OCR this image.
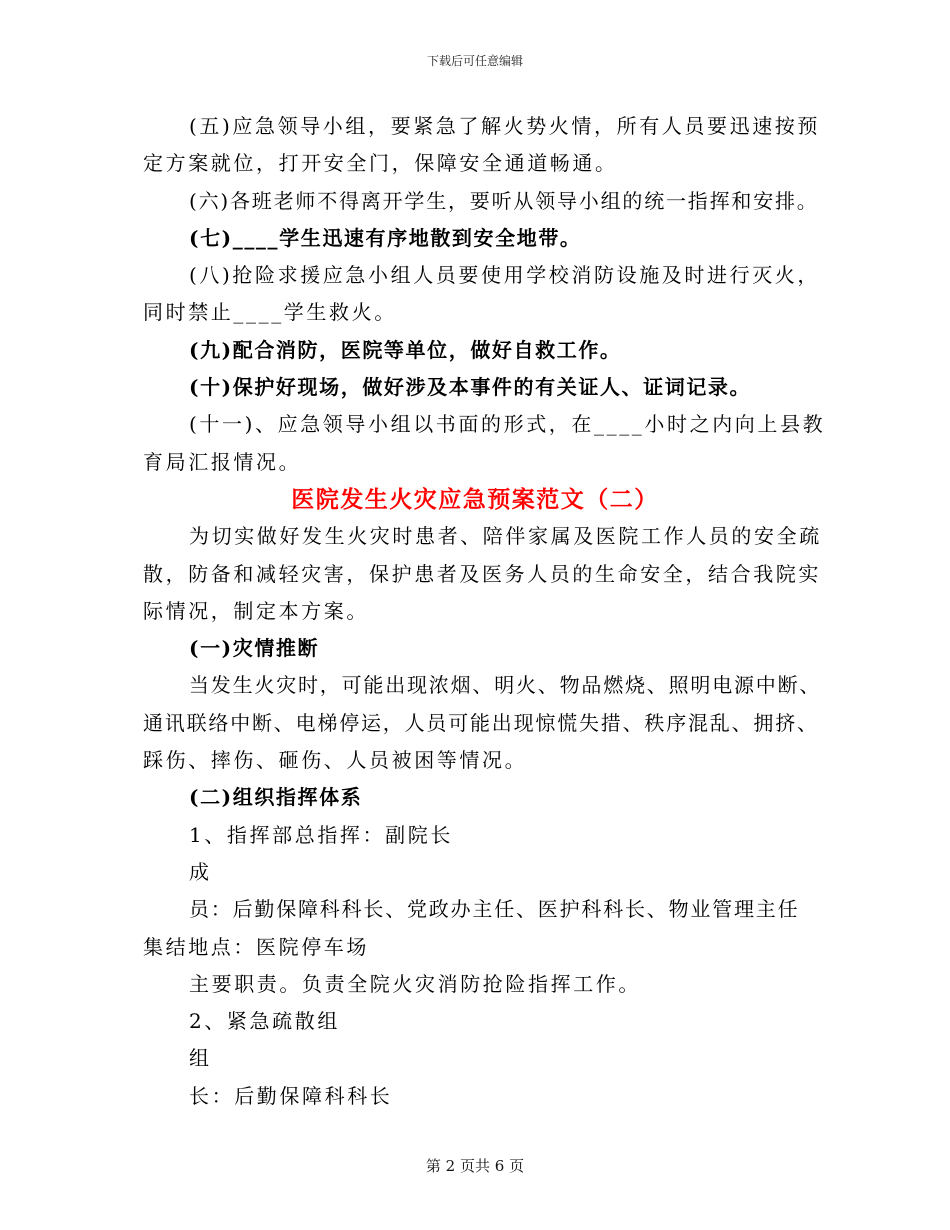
下载后可任意编辑
(五)应急领导小组，要紧急了解火势火情，所有人员要迅速按预
定方案就位，打开安全门，保障安全通道畅通。
(六)各班老师不得离开学生，要听从领导小组的统一指挥和安排。
(七)____学生迅速有序地散到安全地带。
(八)抢险求援应急小组人员要使用学校消防设施及时进行灭火，
同时禁止____学生救火。
(九)配合消防，医院等单位，做好自救工作。
(十)保护好现场，做好涉及本事件的有关证人、证词记录。
(十一)、应急领导小组以书面的形式，在____小时之内向上县教
育局汇报情况。
医院发生火灾应急预案范文（二）
为切实做好发生火灾时患者、陪伴家属及医院工作人员的安全疏
散，防备和减轻灾害，保护患者及医务人员的生命安全，结合我院实
际情况，制定本方案。
(一)灾情推断
当发生火灾时，可能出现浓烟、明火、物品燃烧、照明电源中断、
通讯联络中断、电梯停运，人员可能出现惊慌失措、秩序混乱、拥挤、
踩伤、摔伤、砸伤、人员被困等情况。
(二)组织指挥体系
1、指挥部总指挥：副院长
成
员：后勤保障科科长、党政办主任、医护科科长、物业管理主任
集结地点：医院停车场
主要职责。负责全院火灾消防抢险指挥工作。
2、紧急疏散组
组
长：后勤保障科科长
第 2 页共 6 页
